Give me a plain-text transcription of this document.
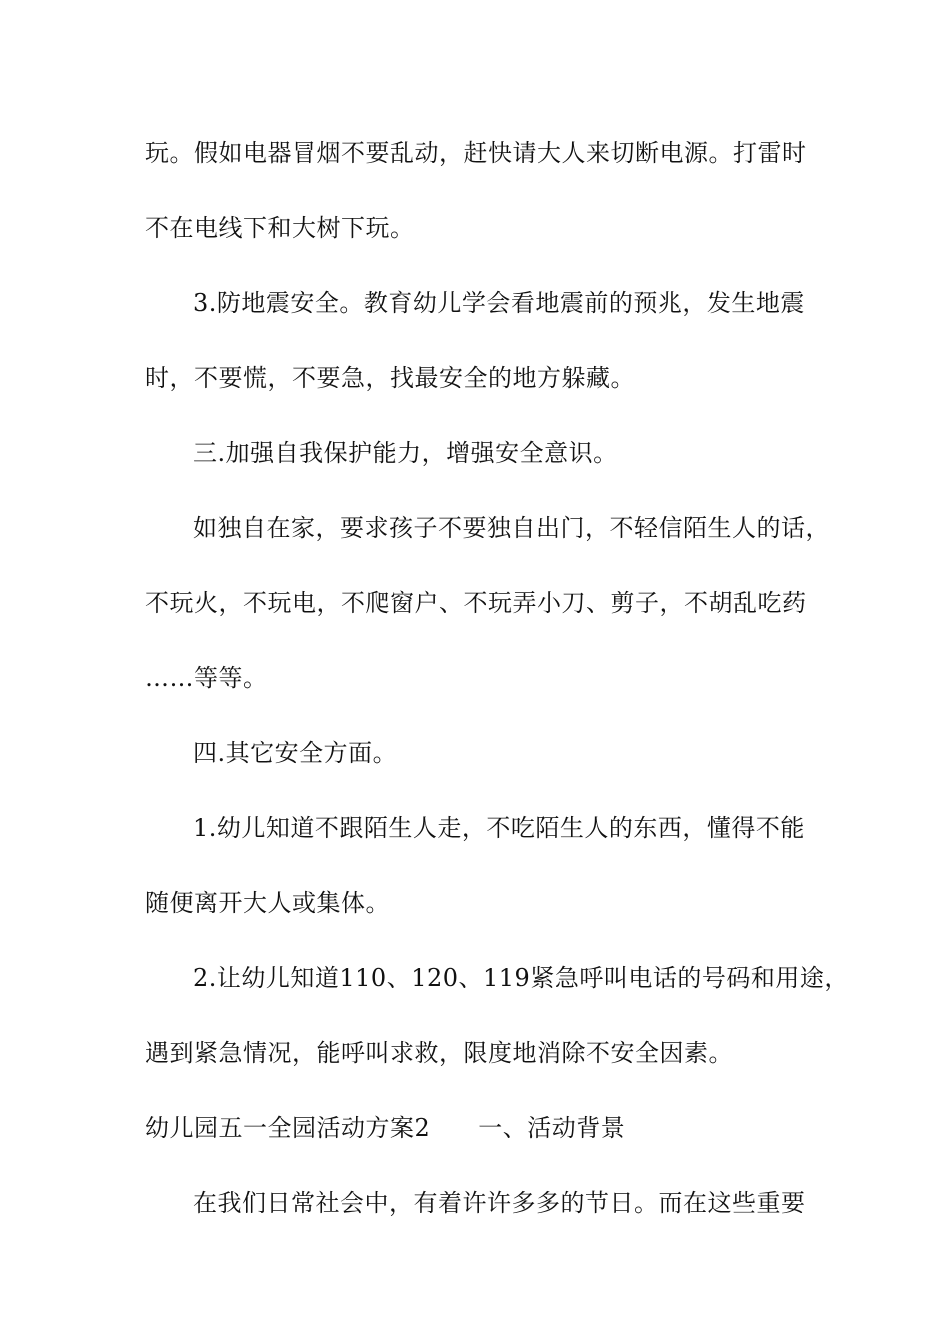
玩。假如电器冒烟不要乱动，赶快请大人来切断电源。打雷时
不在电线下和大树下玩。
3.防地震安全。教育幼儿学会看地震前的预兆，发生地震
时，不要慌，不要急，找最安全的地方躲藏。
三.加强自我保护能力，增强安全意识。
如独自在家，要求孩子不要独自出门，不轻信陌生人的话，
不玩火，不玩电，不爬窗户、不玩弄小刀、剪子，不胡乱吃药
……等等。
四.其它安全方面。
1.幼儿知道不跟陌生人走，不吃陌生人的东西，懂得不能
随便离开大人或集体。
2.让幼儿知道110、120、119紧急呼叫电话的号码和用途，
遇到紧急情况，能呼叫求救，限度地消除不安全因素。
幼儿园五一全园活动方案2 一、活动背景
在我们日常社会中，有着许许多多的节日。而在这些重要
